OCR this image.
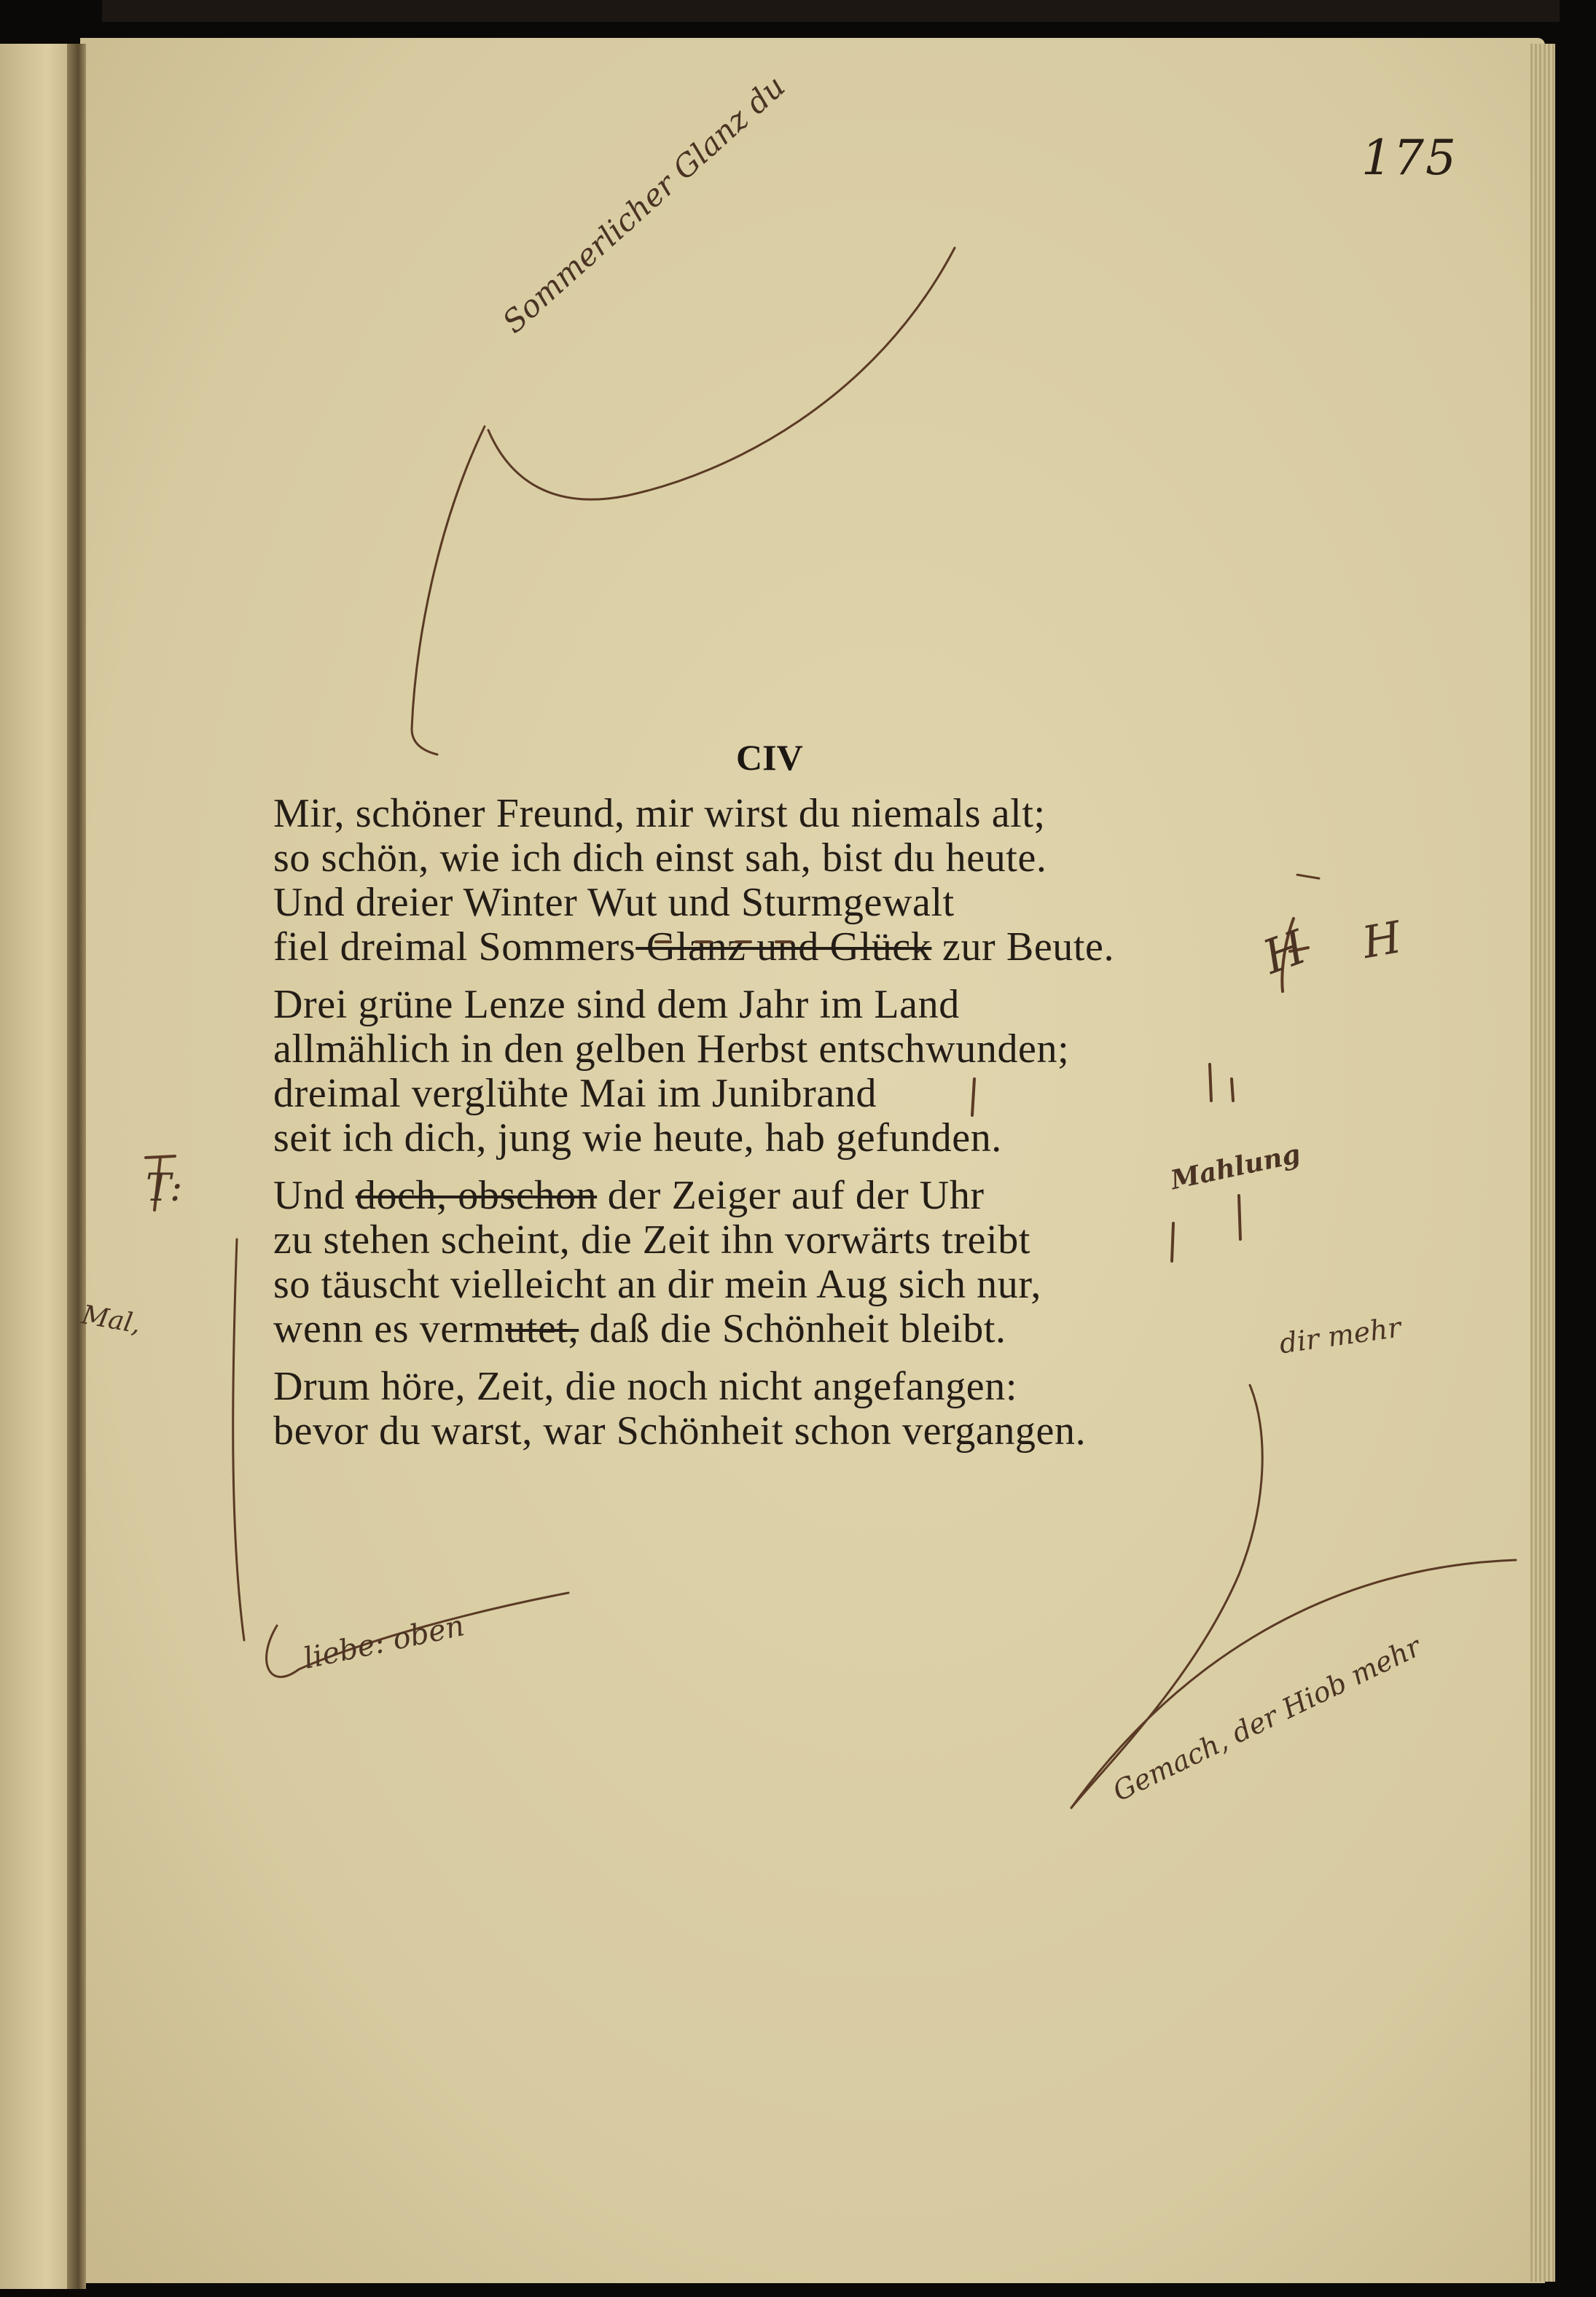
175
CIV
Mir, schöner Freund, mir wirst du niemals alt;
so schön, wie ich dich einst sah, bist du heute.
Und dreier Winter Wut und Sturmgewalt
fiel dreimal Sommers Glanz und Glück zur Beute.
Drei grüne Lenze sind dem Jahr im Land
allmählich in den gelben Herbst entschwunden;
dreimal verglühte Mai im Junibrand
seit ich dich, jung wie heute, hab gefunden.
Und doch, obschon der Zeiger auf der Uhr
zu stehen scheint, die Zeit ihn vorwärts treibt
so täuscht vielleicht an dir mein Aug sich nur,
wenn es vermutet, daß die Schönheit bleibt.
Drum höre, Zeit, die noch nicht angefangen:
bevor du warst, war Schönheit schon vergangen.
Sommerlicher Glanz du
H H
Mahlung
dir mehr
T:
Mal,
liebe: oben	Gemach, der Hiob mehr
